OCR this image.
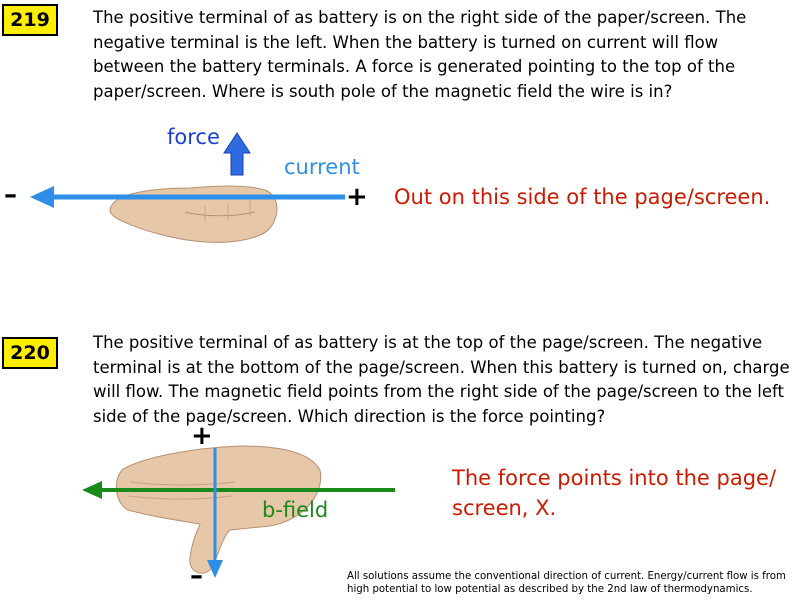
219	The positive terminal of as battery is on the right side of the paper/screen. The negative terminal is the left. When the battery is turned on current will flow between the battery terminals. A force is generated pointing to the top of the paper/screen. Where is south pole of the magnetic field the wire is in?
force
current
–	+ Out on this side of the page/screen.
220	The positive terminal of as battery is at the top of the page/screen. The negative terminal is at the bottom of the page/screen. When this battery is turned on, charge will flow. The magnetic field points from the right side of the page/screen to the left side of the page/screen. Which direction is the force pointing?
+
–
b-field
The force points into the page/ screen, X.
All solutions assume the conventional direction of current. Energy/current flow is from high potential to low potential as described by the 2nd law of thermodynamics.
